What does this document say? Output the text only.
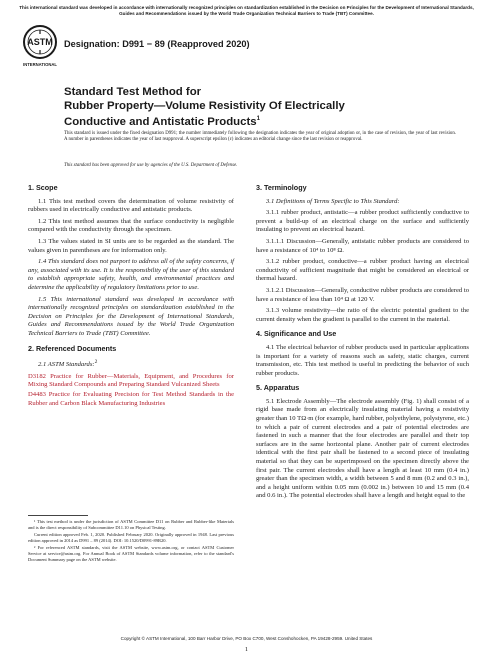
This international standard was developed in accordance with internationally recognized principles on standardization established in the Decision on Principles for the Development of International Standards, Guides and Recommendations issued by the World Trade Organization Technical Barriers to Trade (TBT) Committee.
ASTM
INTERNATIONAL
Designation: D991 − 89 (Reapproved 2020)
Standard Test Method for
Rubber Property—Volume Resistivity Of Electrically
Conductive and Antistatic Products$^1$
This standard is issued under the fixed designation D991; the number immediately following the designation indicates the year of original adoption or, in the case of revision, the year of last revision. A number in parentheses indicates the year of last reapproval. A superscript epsilon (ε) indicates an editorial change since the last revision or reapproval.
This standard has been approved for use by agencies of the U.S. Department of Defense.
1. Scope

1.1 This test method covers the determination of volume resistivity of rubbers used in electrically conductive and antistatic products.

1.2 This test method assumes that the surface conductivity is negligible compared with the conductivity through the specimen.

1.3 The values stated in SI units are to be regarded as the standard. The values given in parentheses are for information only.

1.4 This standard does not purport to address all of the safety concerns, if any, associated with its use. It is the responsibility of the user of this standard to establish appropriate safety, health, and environmental practices and determine the applicability of regulatory limitations prior to use.

1.5 This international standard was developed in accordance with internationally recognized principles on standardization established in the Decision on Principles for the Development of International Standards, Guides and Recommendations issued by the World Trade Organization Technical Barriers to Trade (TBT) Committee.

2. Referenced Documents

2.1 ASTM Standards:$^2$

D3182 Practice for Rubber—Materials, Equipment, and Procedures for Mixing Standard Compounds and Preparing Standard Vulcanized Sheets

D4483 Practice for Evaluating Precision for Test Method Standards in the Rubber and Carbon Black Manufacturing Industries

¹ This test method is under the jurisdiction of ASTM Committee D11 on Rubber and Rubber-like Materials and is the direct responsibility of Subcommittee D11.10 on Physical Testing.
Current edition approved Feb. 1, 2020. Published February 2020. Originally approved in 1948. Last previous edition approved in 2014 as D991 – 89 (2014). DOI: 10.1520/D0991-89R20.
² For referenced ASTM standards, visit the ASTM website, www.astm.org, or contact ASTM Customer Service at service@astm.org. For Annual Book of ASTM Standards volume information, refer to the standard's Document Summary page on the ASTM website.
3. Terminology

3.1 Definitions of Terms Specific to This Standard:

3.1.1 rubber product, antistatic—a rubber product sufficiently conductive to prevent a build-up of an electrical charge on the surface and sufficiently insulating to prevent an electrical hazard.

3.1.1.1 Discussion—Generally, antistatic rubber products are considered to have a resistance of 10⁴ to 10⁸ Ω.

3.1.2 rubber product, conductive—a rubber product having an electrical conductivity of sufficient magnitude that might be considered an electrical or thermal hazard.

3.1.2.1 Discussion—Generally, conductive rubber products are considered to have a resistance of less than 10⁴ Ω at 120 V.

3.1.3 volume resistivity—the ratio of the electric potential gradient to the current density when the gradient is parallel to the current in the material.

4. Significance and Use

4.1 The electrical behavior of rubber products used in particular applications is important for a variety of reasons such as safety, static charges, current transmission, etc. This test method is useful in predicting the behavior of such rubber products.

5. Apparatus

5.1 Electrode Assembly—The electrode assembly (Fig. 1) shall consist of a rigid base made from an electrically insulating material having a resistivity greater than 10 TΩ·m (for example, hard rubber, polyethylene, polystyrene, etc.) to which a pair of current electrodes and a pair of potential electrodes are fastened in such a manner that the four electrodes are parallel and their top surfaces are in the same horizontal plane. Another pair of current electrodes identical with the first pair shall be fastened to a second piece of insulating material so that they can be superimposed on the specimen directly above the first pair. The current electrodes shall have a length at least 10 mm (0.4 in.) greater than the specimen width, a width between 5 and 8 mm (0.2 and 0.3 in.), and a height uniform within 0.05 mm (0.002 in.) between 10 and 15 mm (0.4 and 0.6 in.). The potential electrodes shall have a length and height equal to the

Copyright © ASTM International, 100 Barr Harbor Drive, PO Box C700, West Conshohocken, PA 19428-2959. United States
1
